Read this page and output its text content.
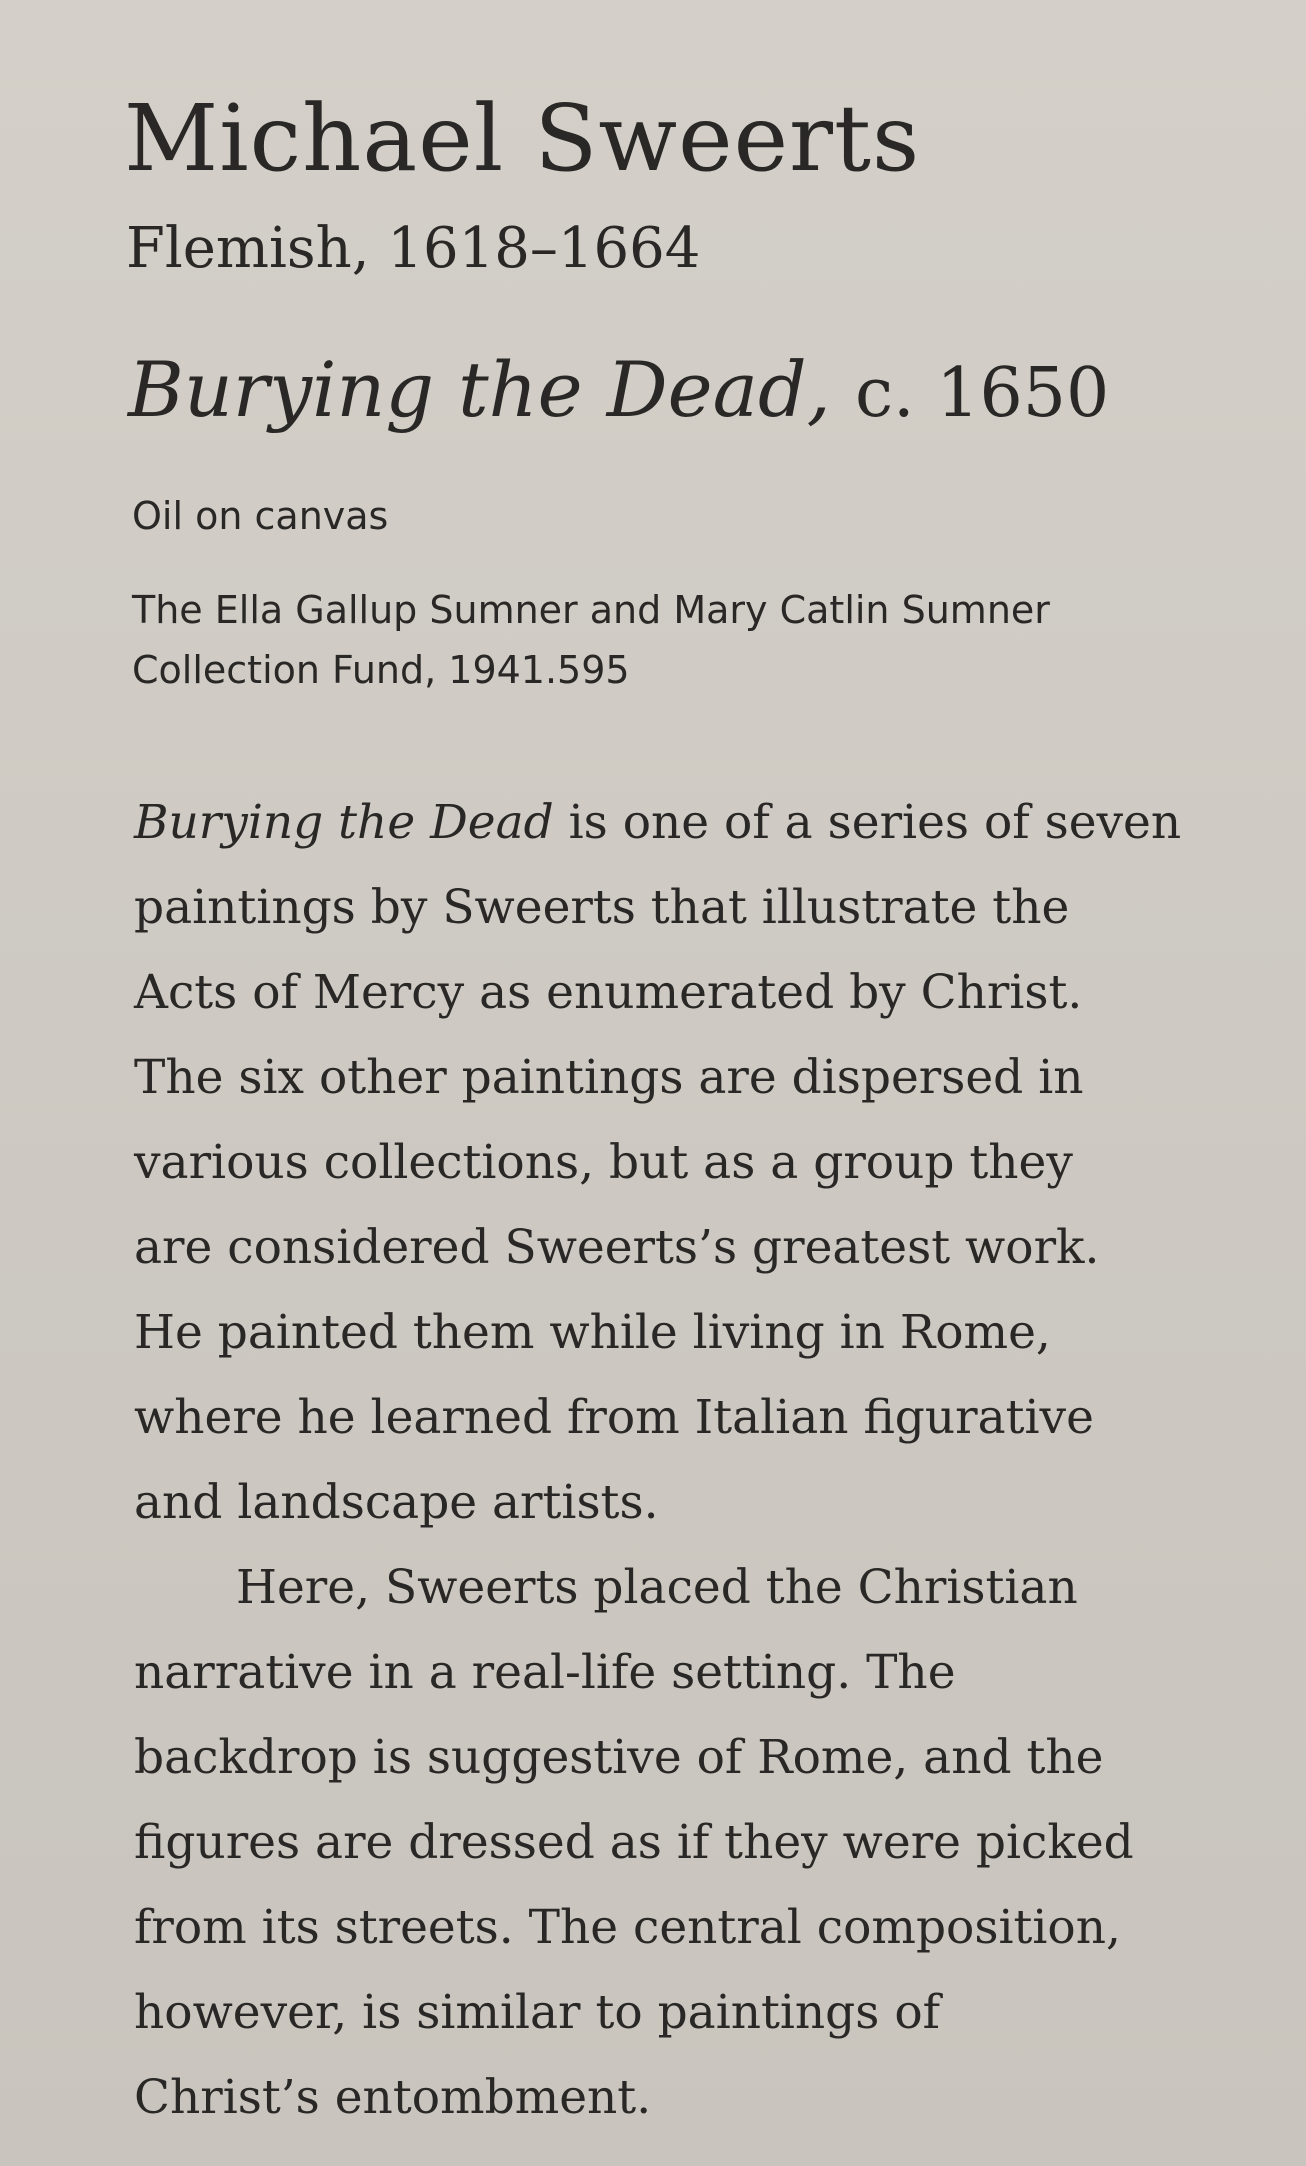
Michael Sweerts

Flemish, 1618–1664

Burying the Dead, c. 1650

Oil on canvas

The Ella Gallup Sumner and Mary Catlin Sumner
Collection Fund, 1941.595

Burying the Dead is one of a series of seven
paintings by Sweerts that illustrate the
Acts of Mercy as enumerated by Christ.
The six other paintings are dispersed in
various collections, but as a group they
are considered Sweerts’s greatest work.
He painted them while living in Rome,
where he learned from Italian figurative
and landscape artists.
Here, Sweerts placed the Christian
narrative in a real-life setting. The
backdrop is suggestive of Rome, and the
figures are dressed as if they were picked
from its streets. The central composition,
however, is similar to paintings of
Christ’s entombment.
